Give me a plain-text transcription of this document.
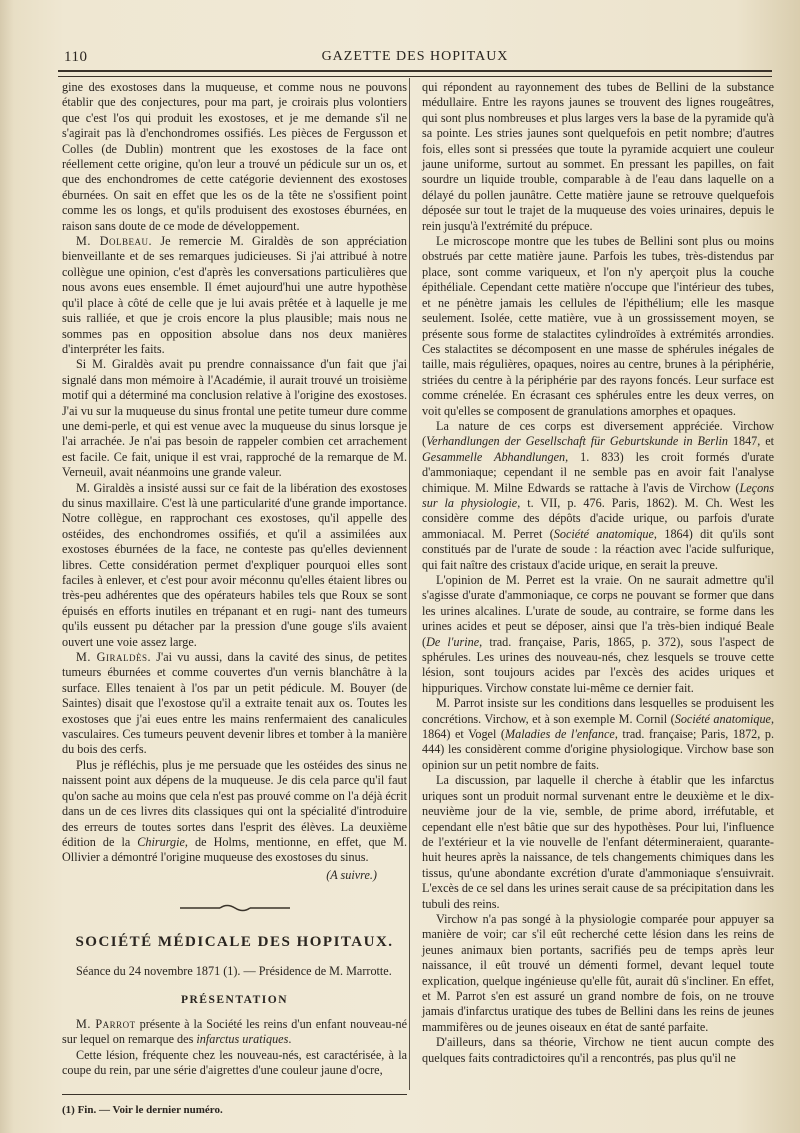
110	GAZETTE DES HOPITAUX

gine des exostoses dans la muqueuse, et comme nous ne pouvons établir que des conjectures, pour ma part, je croirais plus volontiers que c'est l'os qui produit les exostoses, et je me demande s'il ne s'agirait pas là d'enchondromes ossifiés. Les pièces de Fergusson et Colles (de Dublin) montrent que les exostoses de la face ont réellement cette origine, qu'on leur a trouvé un pédicule sur un os, et que des enchondromes de cette catégorie deviennent des exostoses éburnées. On sait en effet que les os de la tête ne s'ossifient point comme les os longs, et qu'ils produisent des exostoses éburnées, en raison sans doute de ce mode de développement.

M. Dolbeau. Je remercie M. Giraldès de son appréciation bienveillante et de ses remarques judicieuses. Si j'ai attribué à notre collègue une opinion, c'est d'après les conversations particulières que nous avons eues ensemble. Il émet aujourd'hui une autre hypothèse qu'il place à côté de celle que je lui avais prêtée et à laquelle je me suis ralliée, et que je crois encore la plus plausible; mais nous ne sommes pas en opposition absolue dans nos deux manières d'interpréter les faits.

Si M. Giraldès avait pu prendre connaissance d'un fait que j'ai signalé dans mon mémoire à l'Académie, il aurait trouvé un troisième motif qui a déterminé ma conclusion relative à l'origine des exostoses. J'ai vu sur la muqueuse du sinus frontal une petite tumeur dure comme une demi-perle, et qui est venue avec la muqueuse du sinus lorsque je l'ai arrachée. Je n'ai pas besoin de rappeler combien cet arrachement est facile. Ce fait, unique il est vrai, rapproché de la remarque de M. Verneuil, avait néanmoins une grande valeur.

M. Giraldès a insisté aussi sur ce fait de la libération des exostoses du sinus maxillaire. C'est là une particularité d'une grande importance. Notre collègue, en rapprochant ces exostoses, qu'il appelle des ostéides, des enchondromes ossifiés, et qu'il a assimilées aux exostoses éburnées de la face, ne conteste pas qu'elles deviennent libres. Cette considération permet d'expliquer pourquoi elles sont faciles à enlever, et c'est pour avoir méconnu qu'elles étaient libres ou très-peu adhérentes que des opérateurs habiles tels que Roux se sont épuisés en efforts inutiles en trépanant et en rugi- nant des tumeurs qu'ils eussent pu détacher par la pression d'une gouge s'ils avaient ouvert une voie assez large.

M. Giraldès. J'ai vu aussi, dans la cavité des sinus, de petites tumeurs éburnées et comme couvertes d'un vernis blanchâtre à la surface. Elles tenaient à l'os par un petit pédicule. M. Bouyer (de Saintes) disait que l'exostose qu'il a extraite tenait aux os. Toutes les exostoses que j'ai eues entre les mains renfermaient des canalicules vasculaires. Ces tumeurs peuvent devenir libres et tomber à la manière du bois des cerfs.

Plus je réfléchis, plus je me persuade que les ostéides des sinus ne naissent point aux dépens de la muqueuse. Je dis cela parce qu'il faut qu'on sache au moins que cela n'est pas prouvé comme on l'a déjà écrit dans un de ces livres dits classiques qui ont la spécialité d'introduire des erreurs de toutes sortes dans l'esprit des élèves. La deuxième édition de la Chirurgie, de Holms, mentionne, en effet, que M. Ollivier a démontré l'origine muqueuse des exostoses du sinus.

(A suivre.)
SOCIÉTÉ MÉDICALE DES HOPITAUX.

Séance du 24 novembre 1871 (1). — Présidence de M. Marrotte.

PRÉSENTATION

M. Parrot présente à la Société les reins d'un enfant nouveau-né sur lequel on remarque des infarctus uratiques.

Cette lésion, fréquente chez les nouveau-nés, est caractérisée, à la coupe du rein, par une série d'aigrettes d'une couleur jaune d'ocre,

(1) Fin. — Voir le dernier numéro.

qui répondent au rayonnement des tubes de Bellini de la substance médullaire. Entre les rayons jaunes se trouvent des lignes rougeâtres, qui sont plus nombreuses et plus larges vers la base de la pyramide qu'à sa pointe. Les stries jaunes sont quelquefois en petit nombre; d'autres fois, elles sont si pressées que toute la pyramide acquiert une couleur jaune uniforme, surtout au sommet. En pressant les papilles, on fait sourdre un liquide trouble, comparable à de l'eau dans laquelle on a délayé du pollen jaunâtre. Cette matière jaune se retrouve quelquefois déposée sur tout le trajet de la muqueuse des voies urinaires, depuis le rein jusqu'à l'extrémité du prépuce.

Le microscope montre que les tubes de Bellini sont plus ou moins obstrués par cette matière jaune. Parfois les tubes, très-distendus par place, sont comme variqueux, et l'on n'y aperçoit plus la couche épithéliale. Cependant cette matière n'occupe que l'intérieur des tubes, et ne pénètre jamais les cellules de l'épithélium; elle les masque seulement. Isolée, cette matière, vue à un grossissement moyen, se présente sous forme de stalactites cylindroïdes à extrémités arrondies. Ces stalactites se décomposent en une masse de sphérules inégales de taille, mais régulières, opaques, noires au centre, brunes à la périphérie, striées du centre à la périphérie par des rayons foncés. Leur surface est comme crénelée. En écrasant ces sphérules entre les deux verres, on voit qu'elles se composent de granulations amorphes et opaques.

La nature de ces corps est diversement appréciée. Virchow (Verhandlungen der Gesellschaft für Geburtskunde in Berlin 1847, et Gesammelle Abhandlungen, 1. 833) les croit formés d'urate d'ammoniaque; cependant il ne semble pas en avoir fait l'analyse chimique. M. Milne Edwards se rattache à l'avis de Virchow (Leçons sur la physiologie, t. VII, p. 476. Paris, 1862). M. Ch. West les considère comme des dépôts d'acide urique, ou parfois d'urate ammoniacal. M. Perret (Société anatomique, 1864) dit qu'ils sont constitués par de l'urate de soude : la réaction avec l'acide sulfurique, qui fait naître des cristaux d'acide urique, en serait la preuve.

L'opinion de M. Perret est la vraie. On ne saurait admettre qu'il s'agisse d'urate d'ammoniaque, ce corps ne pouvant se former que dans les urines alcalines. L'urate de soude, au contraire, se forme dans les urines acides et peut se déposer, ainsi que l'a très-bien indiqué Beale (De l'urine, trad. française, Paris, 1865, p. 372), sous l'aspect de sphérules. Les urines des nouveau-nés, chez lesquels se trouve cette lésion, sont toujours acides par l'excès des acides uriques et hippuriques. Virchow constate lui-même ce dernier fait.

M. Parrot insiste sur les conditions dans lesquelles se produisent les concrétions. Virchow, et à son exemple M. Cornil (Société anatomique, 1864) et Vogel (Maladies de l'enfance, trad. française; Paris, 1872, p. 444) les considèrent comme d'origine physiologique. Virchow base son opinion sur un petit nombre de faits.

La discussion, par laquelle il cherche à établir que les infarctus uriques sont un produit normal survenant entre le deuxième et le dix-neuvième jour de la vie, semble, de prime abord, irréfutable, et cependant elle n'est bâtie que sur des hypothèses. Pour lui, l'influence de l'extérieur et la vie nouvelle de l'enfant détermineraient, quarante-huit heures après la naissance, de tels changements chimiques dans les tissus, qu'une abondante excrétion d'urate d'ammoniaque s'ensuivrait. L'excès de ce sel dans les urines serait cause de sa précipitation dans les tubuli des reins.

Virchow n'a pas songé à la physiologie comparée pour appuyer sa manière de voir; car s'il eût recherché cette lésion dans les reins de jeunes animaux bien portants, sacrifiés peu de temps après leur naissance, il eût trouvé un démenti formel, devant lequel toute explication, quelque ingénieuse qu'elle fût, aurait dû s'incliner. En effet, et M. Parrot s'en est assuré un grand nombre de fois, on ne trouve jamais d'infarctus uratique des tubes de Bellini dans les reins de jeunes mammifères ou de jeunes oiseaux en état de santé parfaite.

D'ailleurs, dans sa théorie, Virchow ne tient aucun compte des quelques faits contradictoires qu'il a rencontrés, pas plus qu'il ne
